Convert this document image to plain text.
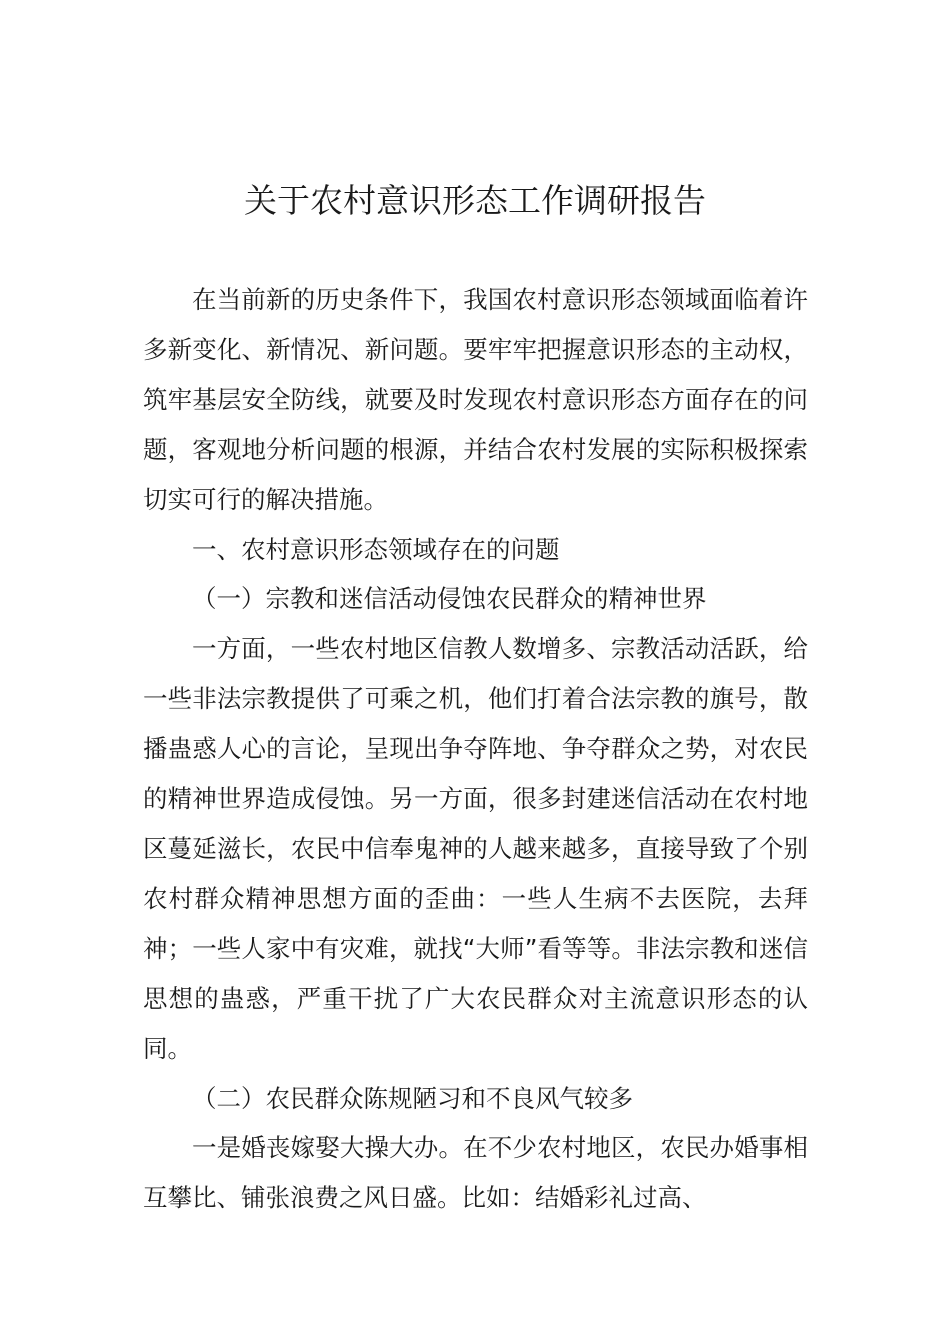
关于农村意识形态工作调研报告

在当前新的历史条件下，我国农村意识形态领域面临着许多新变化、新情况、新问题。要牢牢把握意识形态的主动权，筑牢基层安全防线，就要及时发现农村意识形态方面存在的问题，客观地分析问题的根源，并结合农村发展的实际积极探索切实可行的解决措施。

一、农村意识形态领域存在的问题

（一）宗教和迷信活动侵蚀农民群众的精神世界

一方面，一些农村地区信教人数增多、宗教活动活跃，给一些非法宗教提供了可乘之机，他们打着合法宗教的旗号，散播蛊惑人心的言论，呈现出争夺阵地、争夺群众之势，对农民的精神世界造成侵蚀。另一方面，很多封建迷信活动在农村地区蔓延滋长，农民中信奉鬼神的人越来越多，直接导致了个别农村群众精神思想方面的歪曲：一些人生病不去医院，去拜神；一些人家中有灾难，就找“大师”看等等。非法宗教和迷信思想的蛊惑，严重干扰了广大农民群众对主流意识形态的认同。

（二）农民群众陈规陋习和不良风气较多

一是婚丧嫁娶大操大办。在不少农村地区，农民办婚事相互攀比、铺张浪费之风日盛。比如：结婚彩礼过高、
